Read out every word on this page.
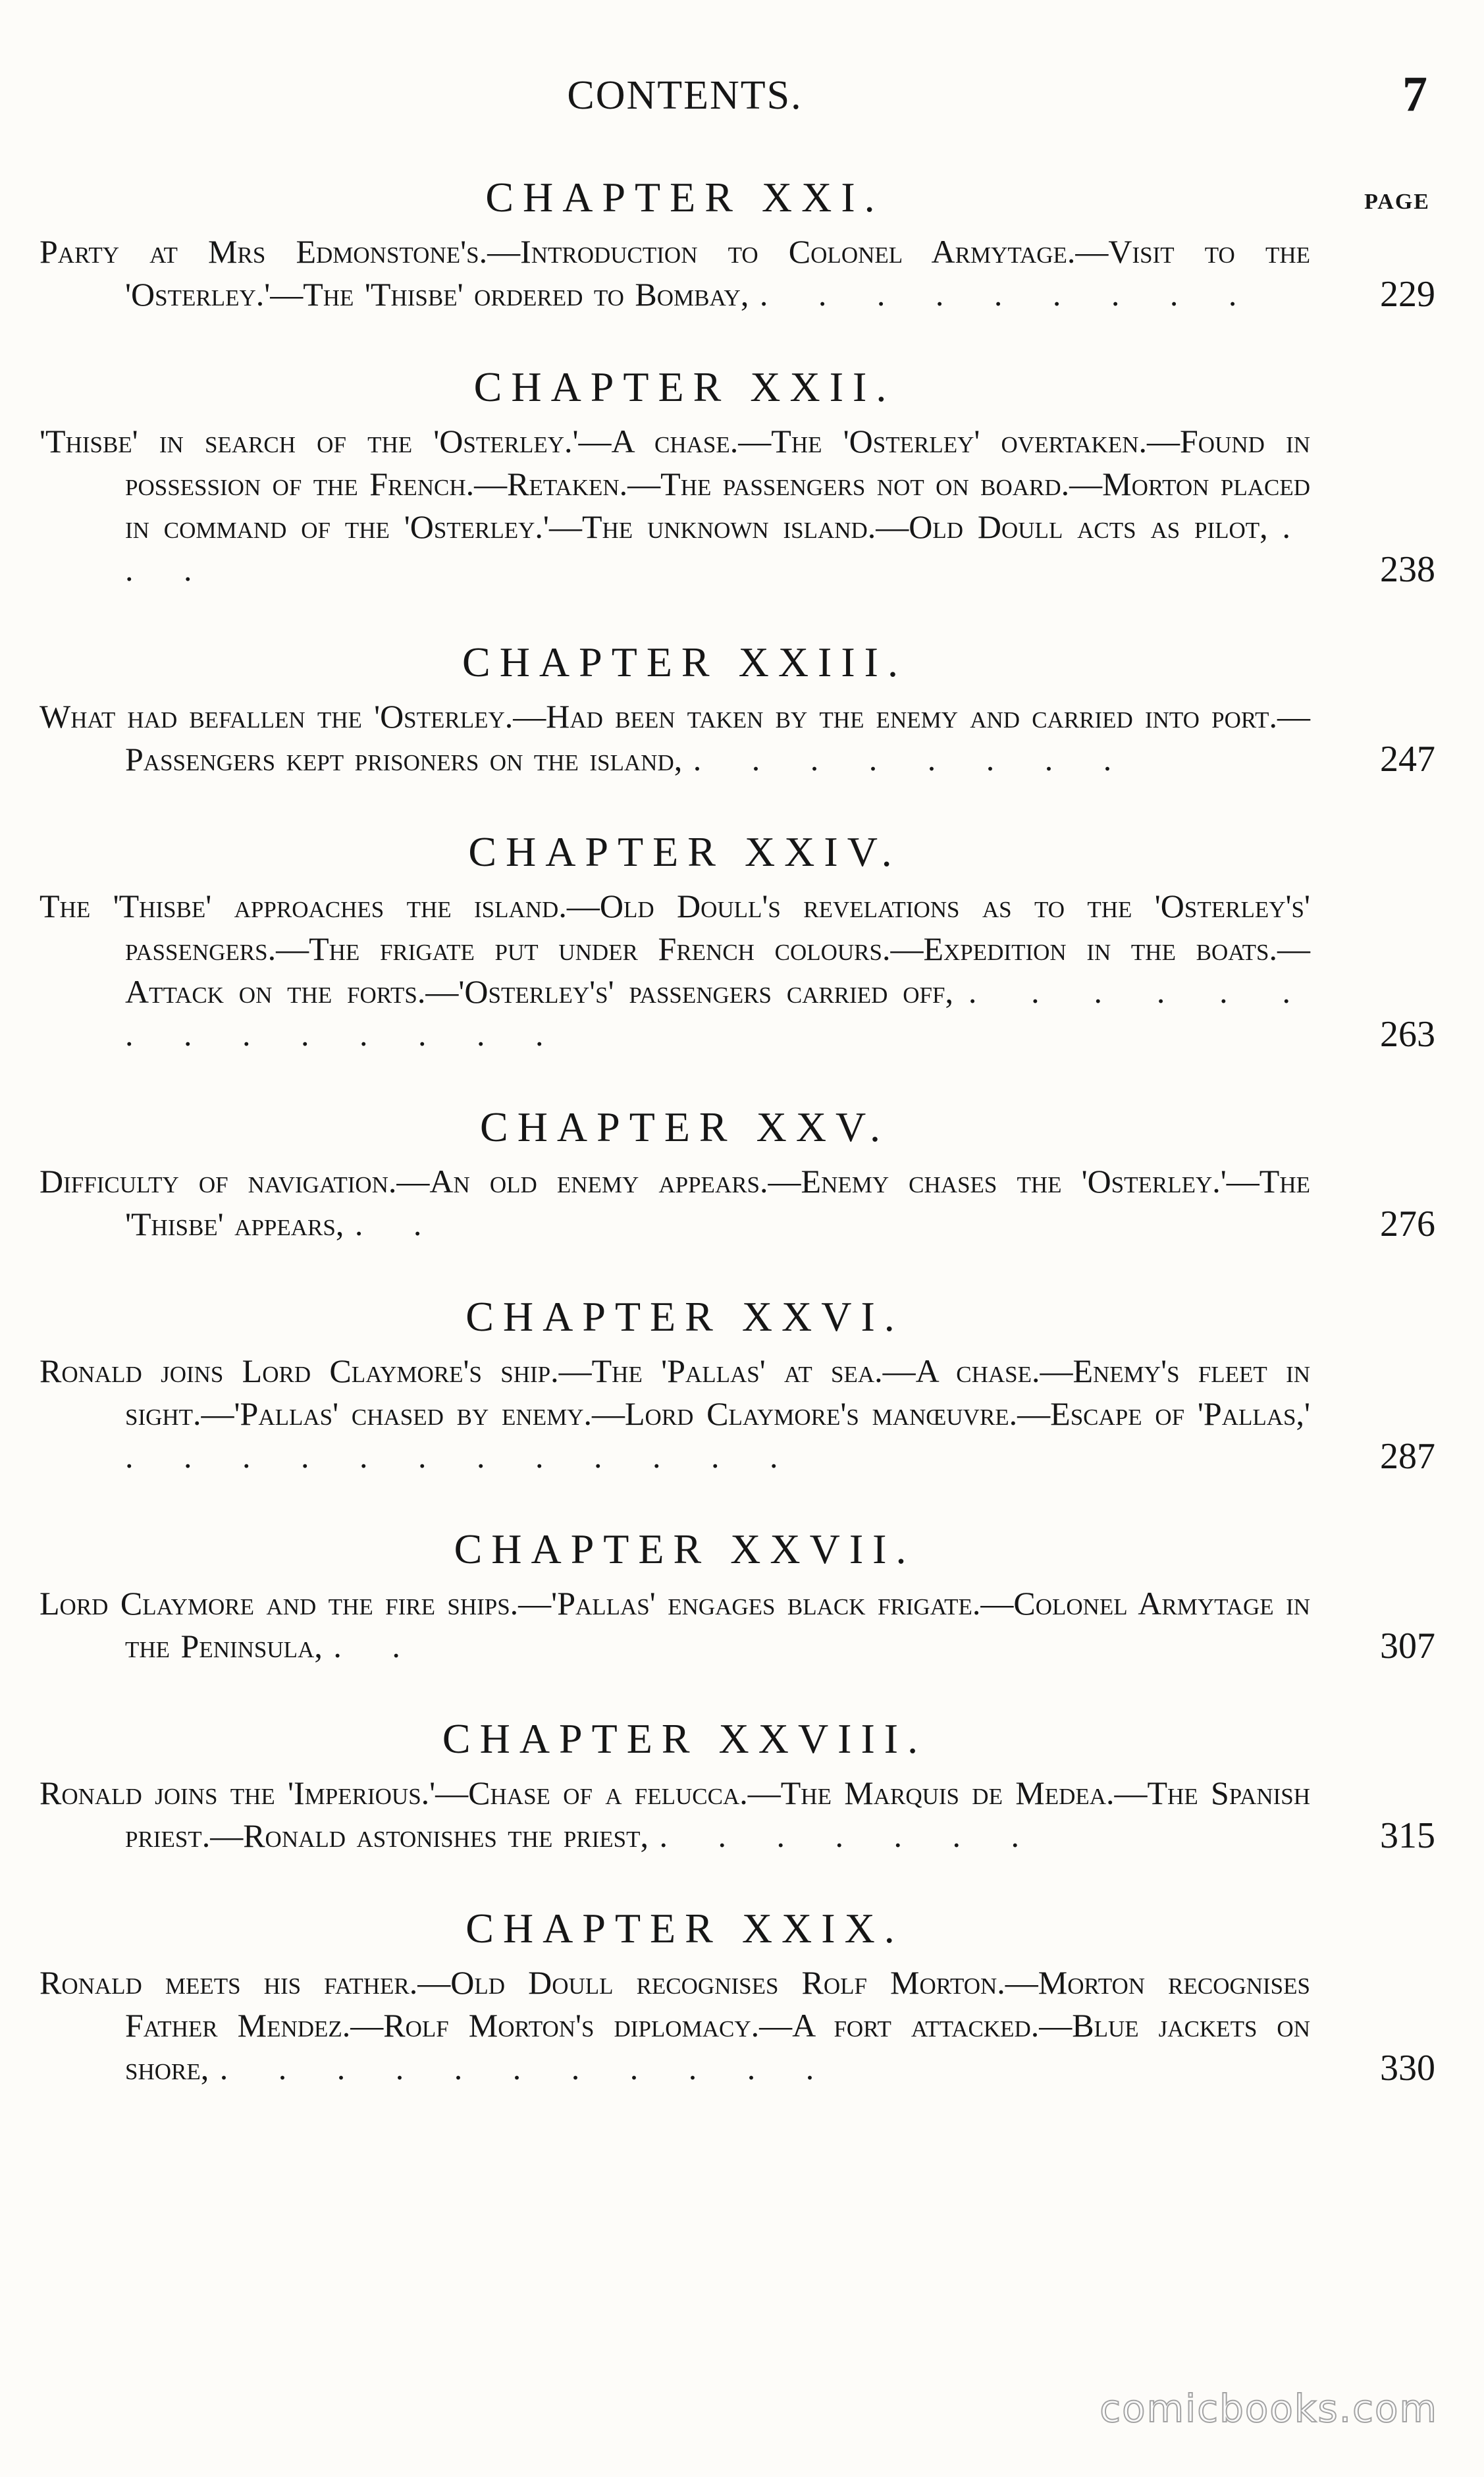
CONTENTS.	7
CHAPTER XXI.	PAGE
Party at Mrs Edmonstone's.—Introduction to Colonel Armytage.—Visit to the 'Osterley.'—The 'Thisbe' ordered to Bombay, . . . . . . . . .	229
CHAPTER XXII.
'Thisbe' in search of the 'Osterley.'—A chase.—The 'Osterley' overtaken.—Found in possession of the French.—Retaken.—The passengers not on board.—Morton placed in command of the 'Osterley.'—The unknown island.—Old Doull acts as pilot, . . .	238
CHAPTER XXIII.
What had befallen the 'Osterley.—Had been taken by the enemy and carried into port.—Passengers kept prisoners on the island, . . . . . . . .	247
CHAPTER XXIV.
The 'Thisbe' approaches the island.—Old Doull's revelations as to the 'Osterley's' passengers.—The frigate put under French colours.—Expedition in the boats.—Attack on the forts.—'Osterley's' passengers carried off, . . . . . . . . . . . . . .	263
CHAPTER XXV.
Difficulty of navigation.—An old enemy appears.—Enemy chases the 'Osterley.'—The 'Thisbe' appears, . .	276
CHAPTER XXVI.
Ronald joins Lord Claymore's ship.—The 'Pallas' at sea.—A chase.—Enemy's fleet in sight.—'Pallas' chased by enemy.—Lord Claymore's manœuvre.—Escape of 'Pallas,' . . . . . . . . . . . .	287
CHAPTER XXVII.
Lord Claymore and the fire ships.—'Pallas' engages black frigate.—Colonel Armytage in the Peninsula, . .	307
CHAPTER XXVIII.
Ronald joins the 'Imperious.'—Chase of a felucca.—The Marquis de Medea.—The Spanish priest.—Ronald astonishes the priest, . . . . . . .	315
CHAPTER XXIX.
Ronald meets his father.—Old Doull recognises Rolf Morton.—Morton recognises Father Mendez.—Rolf Morton's diplomacy.—A fort attacked.—Blue jackets on shore, . . . . . . . . . . .	330
comicbooks.com
